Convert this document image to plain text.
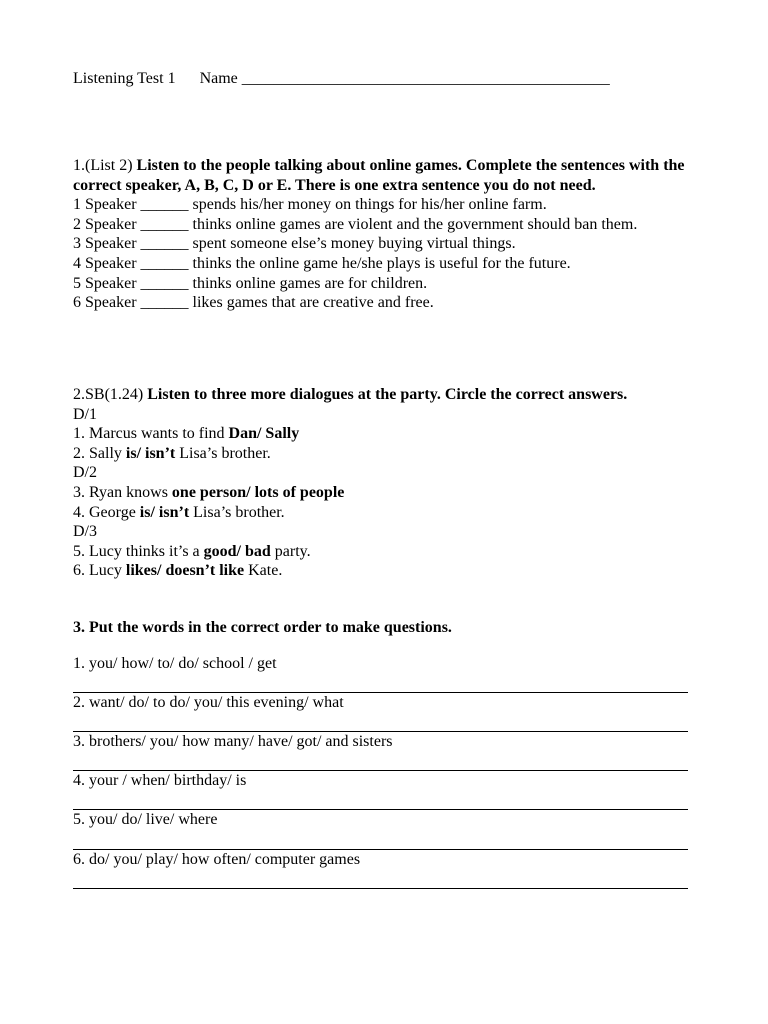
Listening Test 1 Name ______________________________________________
1.(List 2) Listen to the people talking about online games. Complete the sentences with the correct speaker, A, B, C, D or E. There is one extra sentence you do not need.
1 Speaker ______ spends his/her money on things for his/her online farm.
2 Speaker ______ thinks online games are violent and the government should ban them.
3 Speaker ______ spent someone else’s money buying virtual things.
4 Speaker ______ thinks the online game he/she plays is useful for the future.
5 Speaker ______ thinks online games are for children.
6 Speaker ______ likes games that are creative and free.
2.SB(1.24) Listen to three more dialogues at the party. Circle the correct answers.
D/1
1. Marcus wants to find Dan/ Sally
2. Sally is/ isn’t Lisa’s brother.
D/2
3. Ryan knows one person/ lots of people
4. George is/ isn’t Lisa’s brother.
D/3
5. Lucy thinks it’s a good/ bad party.
6. Lucy likes/ doesn’t like Kate.
3. Put the words in the correct order to make questions.
1. you/ how/ to/ do/ school / get
2. want/ do/ to do/ you/ this evening/ what
3. brothers/ you/ how many/ have/ got/ and sisters
4. your / when/ birthday/ is
5. you/ do/ live/ where
6. do/ you/ play/ how often/ computer games
